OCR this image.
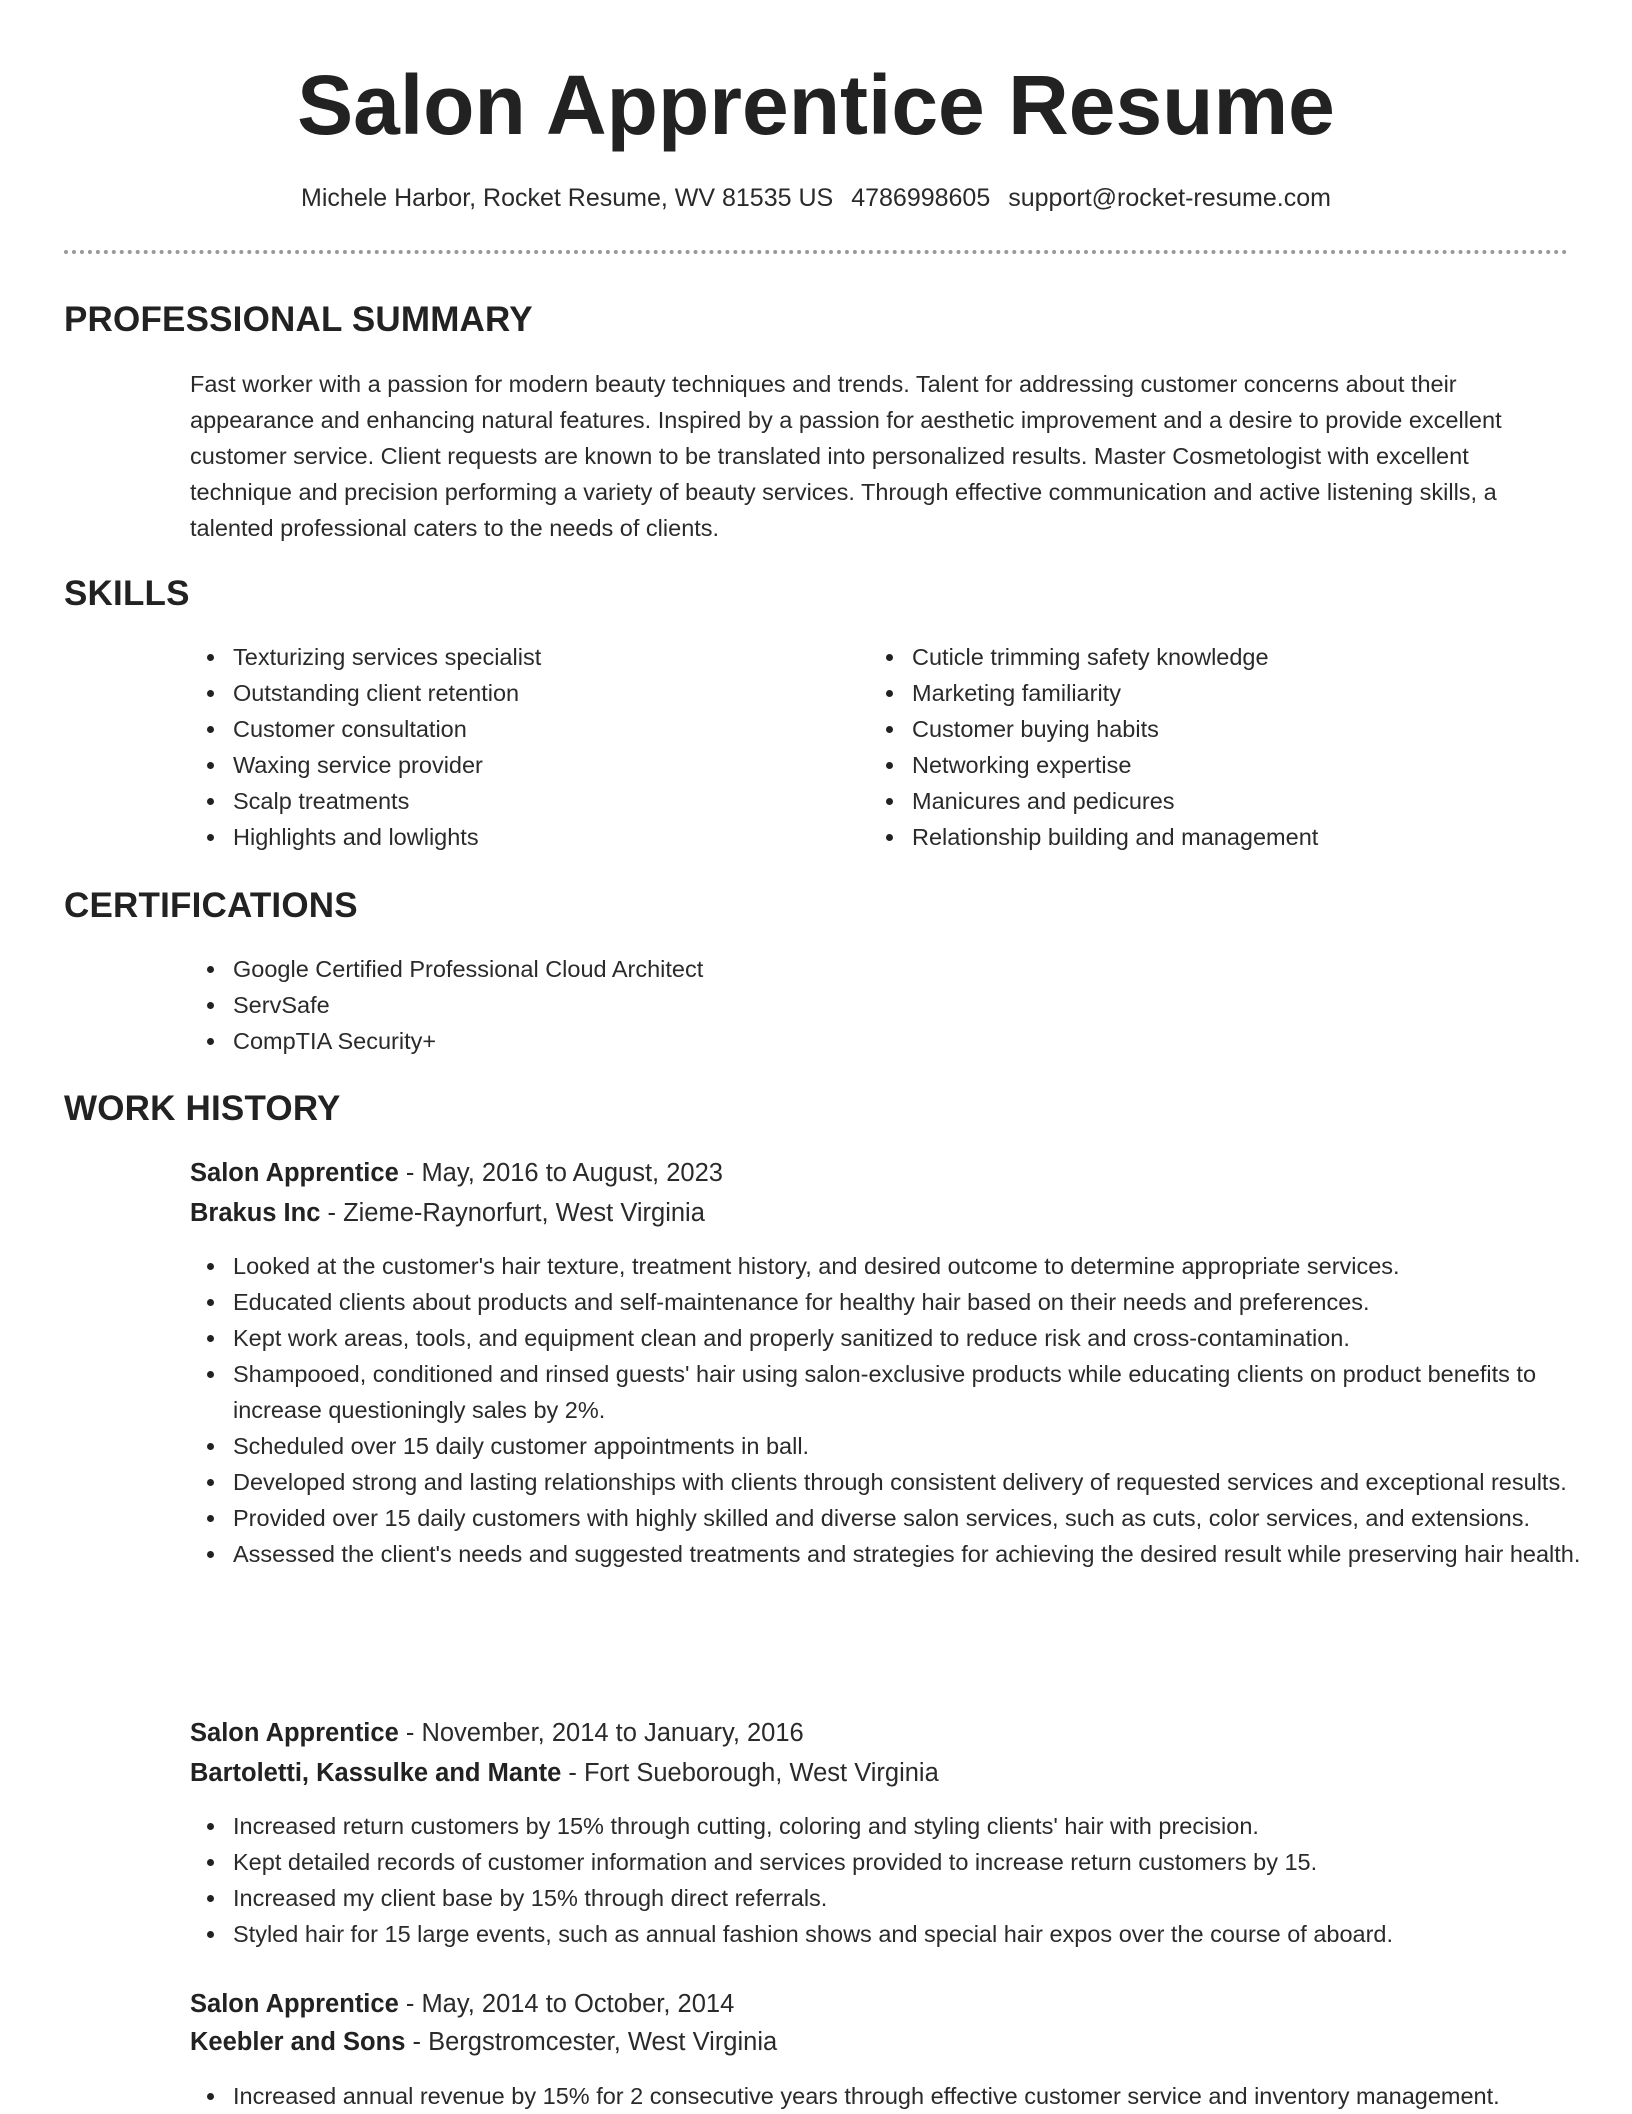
Salon Apprentice Resume
Michele Harbor, Rocket Resume, WV 81535 US 4786998605 support@rocket-resume.com
PROFESSIONAL SUMMARY

Fast worker with a passion for modern beauty techniques and trends. Talent for addressing customer concerns about their appearance and enhancing natural features. Inspired by a passion for aesthetic improvement and a desire to provide excellent customer service. Client requests are known to be translated into personalized results. Master Cosmetologist with excellent technique and precision performing a variety of beauty services. Through effective communication and active listening skills, a talented professional caters to the needs of clients.

SKILLS
Texturizing services specialist
Outstanding client retention
Customer consultation
Waxing service provider
Scalp treatments
Highlights and lowlights
Cuticle trimming safety knowledge
Marketing familiarity
Customer buying habits
Networking expertise
Manicures and pedicures
Relationship building and management
CERTIFICATIONS
Google Certified Professional Cloud Architect
ServSafe
CompTIA Security+
WORK HISTORY
Salon Apprentice - May, 2016 to August, 2023
Brakus Inc - Zieme-Raynorfurt, West Virginia
Looked at the customer's hair texture, treatment history, and desired outcome to determine appropriate services.
Educated clients about products and self-maintenance for healthy hair based on their needs and preferences.
Kept work areas, tools, and equipment clean and properly sanitized to reduce risk and cross-contamination.
Shampooed, conditioned and rinsed guests' hair using salon-exclusive products while educating clients on product benefits to increase questioningly sales by 2%.
Scheduled over 15 daily customer appointments in ball.
Developed strong and lasting relationships with clients through consistent delivery of requested services and exceptional results.
Provided over 15 daily customers with highly skilled and diverse salon services, such as cuts, color services, and extensions.
Assessed the client's needs and suggested treatments and strategies for achieving the desired result while preserving hair health.
Salon Apprentice - November, 2014 to January, 2016
Bartoletti, Kassulke and Mante - Fort Sueborough, West Virginia
Increased return customers by 15% through cutting, coloring and styling clients' hair with precision.
Kept detailed records of customer information and services provided to increase return customers by 15.
Increased my client base by 15% through direct referrals.
Styled hair for 15 large events, such as annual fashion shows and special hair expos over the course of aboard.
Salon Apprentice - May, 2014 to October, 2014
Keebler and Sons - Bergstromcester, West Virginia
Increased annual revenue by 15% for 2 consecutive years through effective customer service and inventory management.
